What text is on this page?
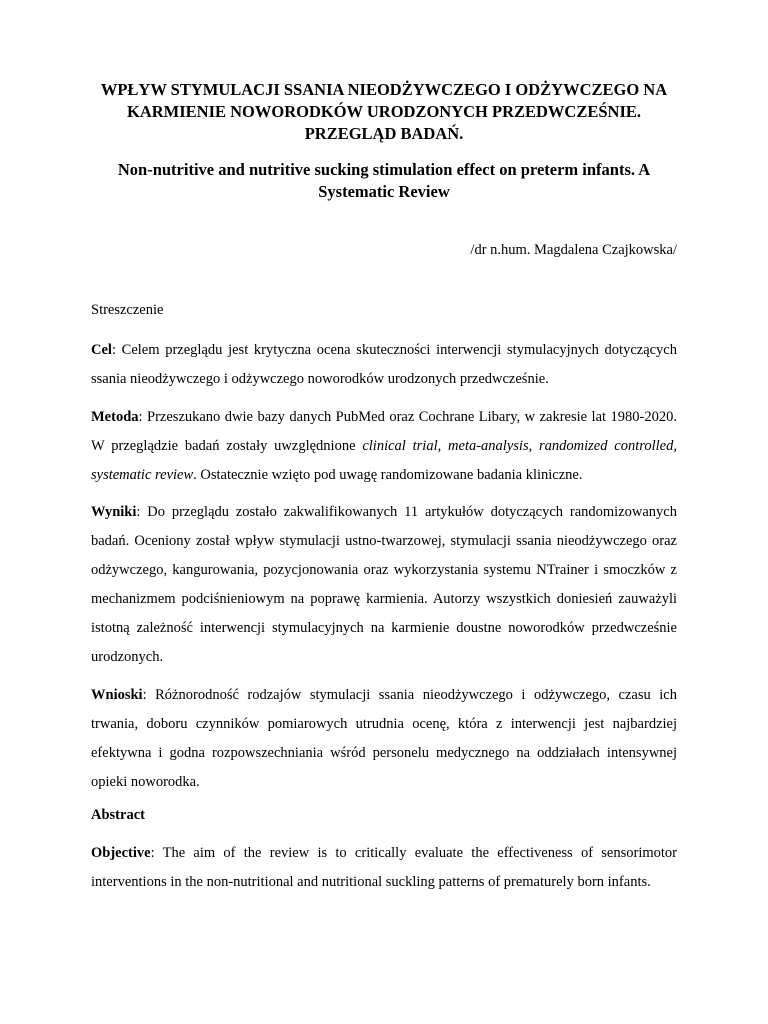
WPŁYW STYMULACJI SSANIA NIEODŻYWCZEGO I ODŻYWCZEGO NA KARMIENIE NOWORODKÓW URODZONYCH PRZEDWCZEŚNIE. PRZEGLĄD BADAŃ.
Non-nutritive and nutritive sucking stimulation effect on preterm infants. A Systematic Review
/dr n.hum. Magdalena Czajkowska/
Streszczenie

Cel: Celem przeglądu jest krytyczna ocena skuteczności interwencji stymulacyjnych dotyczących ssania nieodżywczego i odżywczego noworodków urodzonych przedwcześnie.

Metoda: Przeszukano dwie bazy danych PubMed oraz Cochrane Libary, w zakresie lat 1980-2020. W przeglądzie badań zostały uwzględnione clinical trial, meta-analysis, randomized controlled, systematic review. Ostatecznie wzięto pod uwagę randomizowane badania kliniczne.

Wyniki: Do przeglądu zostało zakwalifikowanych 11 artykułów dotyczących randomizowanych badań. Oceniony został wpływ stymulacji ustno-twarzowej, stymulacji ssania nieodżywczego oraz odżywczego, kangurowania, pozycjonowania oraz wykorzystania systemu NTrainer i smoczków z mechanizmem podciśnieniowym na poprawę karmienia. Autorzy wszystkich doniesień zauważyli istotną zależność interwencji stymulacyjnych na karmienie doustne noworodków przedwcześnie urodzonych.

Wnioski: Różnorodność rodzajów stymulacji ssania nieodżywczego i odżywczego, czasu ich trwania, doboru czynników pomiarowych utrudnia ocenę, która z interwencji jest najbardziej efektywna i godna rozpowszechniania wśród personelu medycznego na oddziałach intensywnej opieki noworodka.

Abstract

Objective: The aim of the review is to critically evaluate the effectiveness of sensorimotor interventions in the non-nutritional and nutritional suckling patterns of prematurely born infants.
